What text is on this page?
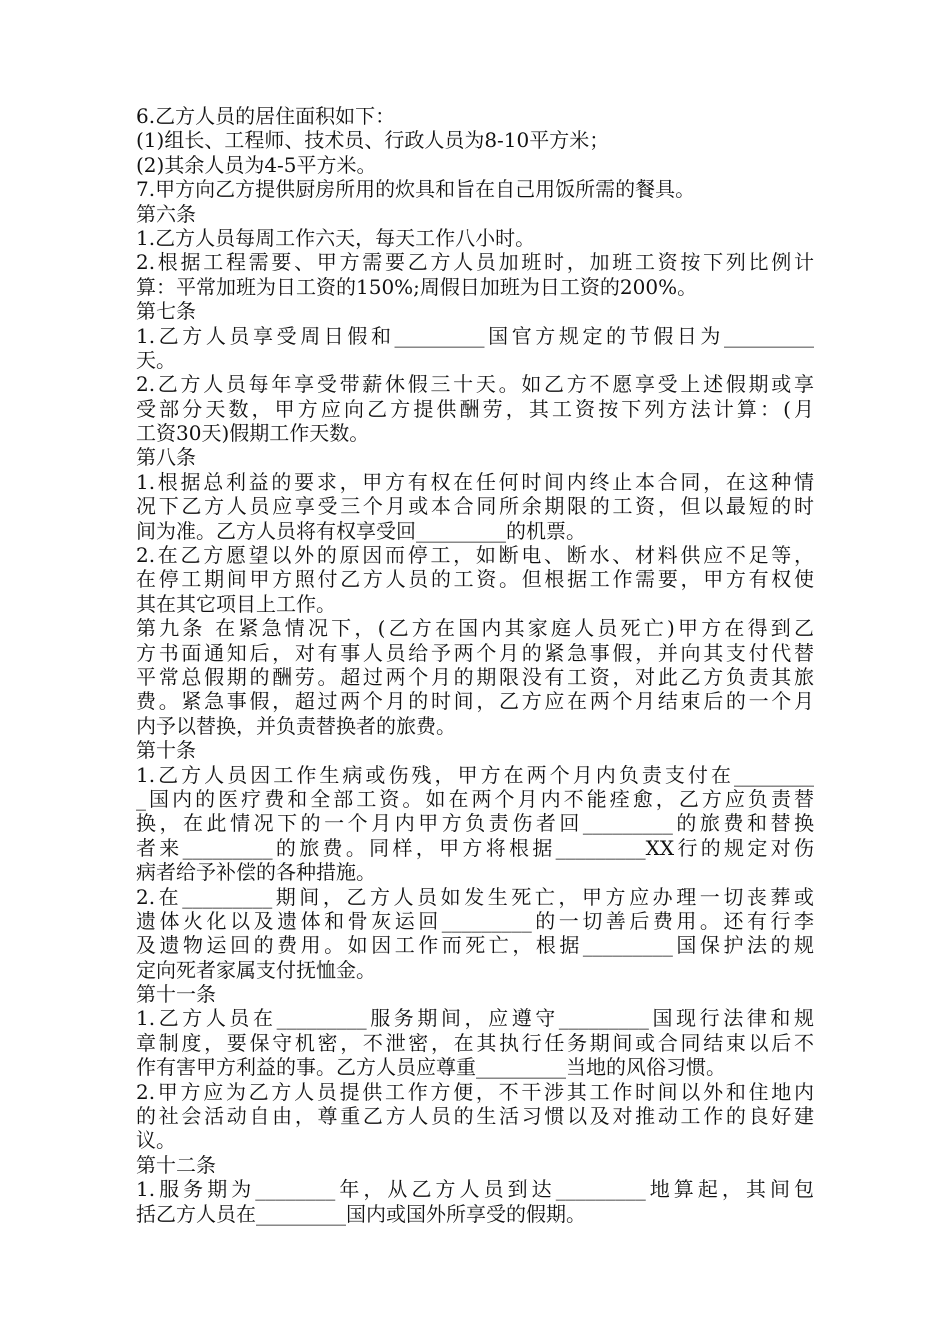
6.乙方人员的居住面积如下：
(1)组长、工程师、技术员、行政人员为8-10平方米；
(2)其余人员为4-5平方米。
7.甲方向乙方提供厨房所用的炊具和旨在自己用饭所需的餐具。
第六条
1.乙方人员每周工作六天，每天工作八小时。
2.根据工程需要、甲方需要乙方人员加班时，加班工资按下列比例计
算：平常加班为日工资的150%;周假日加班为日工资的200%。
第七条
1.乙方人员享受周日假和_________国官方规定的节假日为_________
天。
2.乙方人员每年享受带薪休假三十天。如乙方不愿享受上述假期或享
受部分天数，甲方应向乙方提供酬劳，其工资按下列方法计算：(月
工资30天)假期工作天数。
第八条
1.根据总利益的要求，甲方有权在任何时间内终止本合同，在这种情
况下乙方人员应享受三个月或本合同所余期限的工资，但以最短的时
间为准。乙方人员将有权享受回_________的机票。
2.在乙方愿望以外的原因而停工，如断电、断水、材料供应不足等，
在停工期间甲方照付乙方人员的工资。但根据工作需要，甲方有权使
其在其它项目上工作。
第九条 在紧急情况下，(乙方在国内其家庭人员死亡)甲方在得到乙
方书面通知后，对有事人员给予两个月的紧急事假，并向其支付代替
平常总假期的酬劳。超过两个月的期限没有工资，对此乙方负责其旅
费。紧急事假，超过两个月的时间，乙方应在两个月结束后的一个月
内予以替换，并负责替换者的旅费。
第十条
1.乙方人员因工作生病或伤残，甲方在两个月内负责支付在________
_国内的医疗费和全部工资。如在两个月内不能痊愈，乙方应负责替
换，在此情况下的一个月内甲方负责伤者回_________的旅费和替换
者来_________的旅费。同样，甲方将根据_________XX行的规定对伤
病者给予补偿的各种措施。
2.在_________期间，乙方人员如发生死亡，甲方应办理一切丧葬或
遗体火化以及遗体和骨灰运回_________的一切善后费用。还有行李
及遗物运回的费用。如因工作而死亡，根据_________国保护法的规
定向死者家属支付抚恤金。
第十一条
1.乙方人员在_________服务期间，应遵守_________国现行法律和规
章制度，要保守机密，不泄密，在其执行任务期间或合同结束以后不
作有害甲方利益的事。乙方人员应尊重_________当地的风俗习惯。
2.甲方应为乙方人员提供工作方便，不干涉其工作时间以外和住地内
的社会活动自由，尊重乙方人员的生活习惯以及对推动工作的良好建
议。
第十二条
1.服务期为________年，从乙方人员到达_________地算起，其间包
括乙方人员在_________国内或国外所享受的假期。
